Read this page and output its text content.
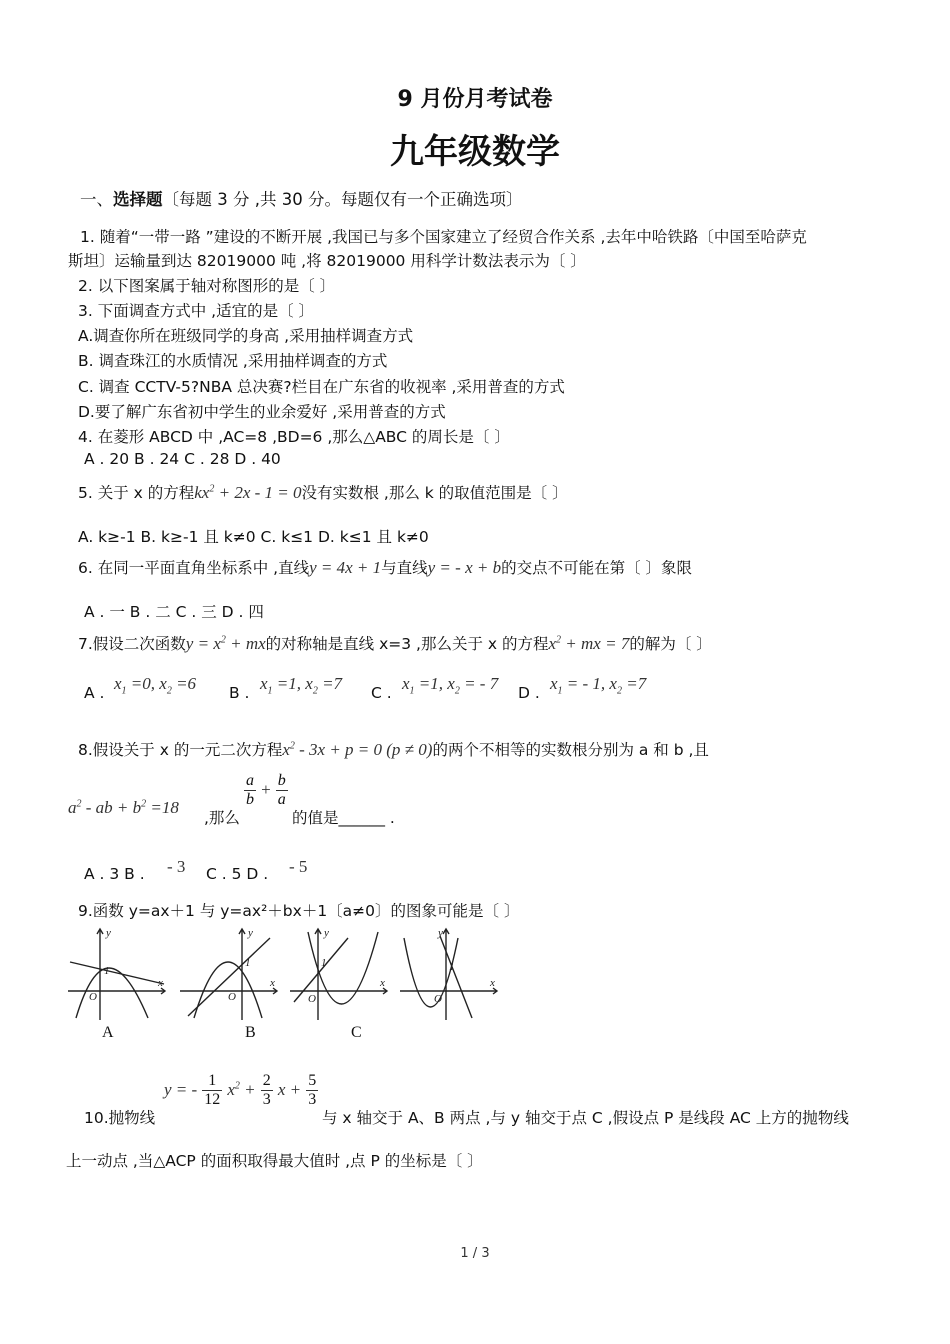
9 月份月考试卷
九年级数学
一、选择题〔每题 3 分 ,共 30 分。每题仅有一个正确选项〕
1. 随着“一带一路 ”建设的不断开展 ,我国已与多个国家建立了经贸合作关系 ,去年中哈铁路〔中国至哈萨克
斯坦〕运输量到达 82019000 吨 ,将 82019000 用科学计数法表示为〔 〕
2. 以下图案属于轴对称图形的是〔 〕
3. 下面调查方式中 ,适宜的是〔 〕
A.调查你所在班级同学的身高 ,采用抽样调查方式
B. 调查珠江的水质情况 ,采用抽样调查的方式
C. 调查 CCTV-5?NBA 总决赛?栏目在广东省的收视率 ,采用普查的方式
D.要了解广东省初中学生的业余爱好 ,采用普查的方式
4. 在菱形 ABCD 中 ,AC=8 ,BD=6 ,那么△ABC 的周长是〔 〕
A . 20 B . 24 C . 28 D . 40
5. 关于 x 的方程$kx^2 + 2x - 1 = 0$没有实数根 ,那么 k 的取值范围是〔 〕
A. k≥-1 B. k≥-1 且 k≠0 C. k≤1 D. k≤1 且 k≠0
6. 在同一平面直角坐标系中 ,直线y = 4x + 1与直线y = - x + b的交点不可能在第〔 〕象限
A . 一 B . 二 C . 三 D . 四
7.假设二次函数$y = x^2$ + mx的对称轴是直线 x=3 ,那么关于 x 的方程$x^2$ + mx = 7的解为〔 〕
A . $x_1 =0$, $x_2 =6$ B . $x_1 =1$, $x_2 =7$ C . $x_1 =1$, $x_2$ = - 7 D . $x_1$ = - 1, $x_2 =7$
8.假设关于 x 的一元二次方程$x^2 - 3x + p = 0$ (p ≠ 0)的两个不相等的实数根分别为 a 和 b ,且
$a^2$ - ab + $b^2 =18$
,那么
$\frac{a}{b} + \frac{b}{a}$
的值是______ .
A . 3 B . - 3 C . 5 D . - 5
9.函数 y=ax＋1 与 y=ax²＋bx＋1〔a≠0〕的图象可能是〔 〕
y
x
O
1
A
y
x
O
1
B
y
x
O
1
C
y
x
O
1
10.抛物线
y = - $\frac{1}{12} x^2 + \frac{2}{3}$ $x + \frac{5}{3}$
与 x 轴交于 A、B 两点 ,与 y 轴交于点 C ,假设点 P 是线段 AC 上方的抛物线
上一动点 ,当△ACP 的面积取得最大值时 ,点 P 的坐标是〔 〕
1 / 3
